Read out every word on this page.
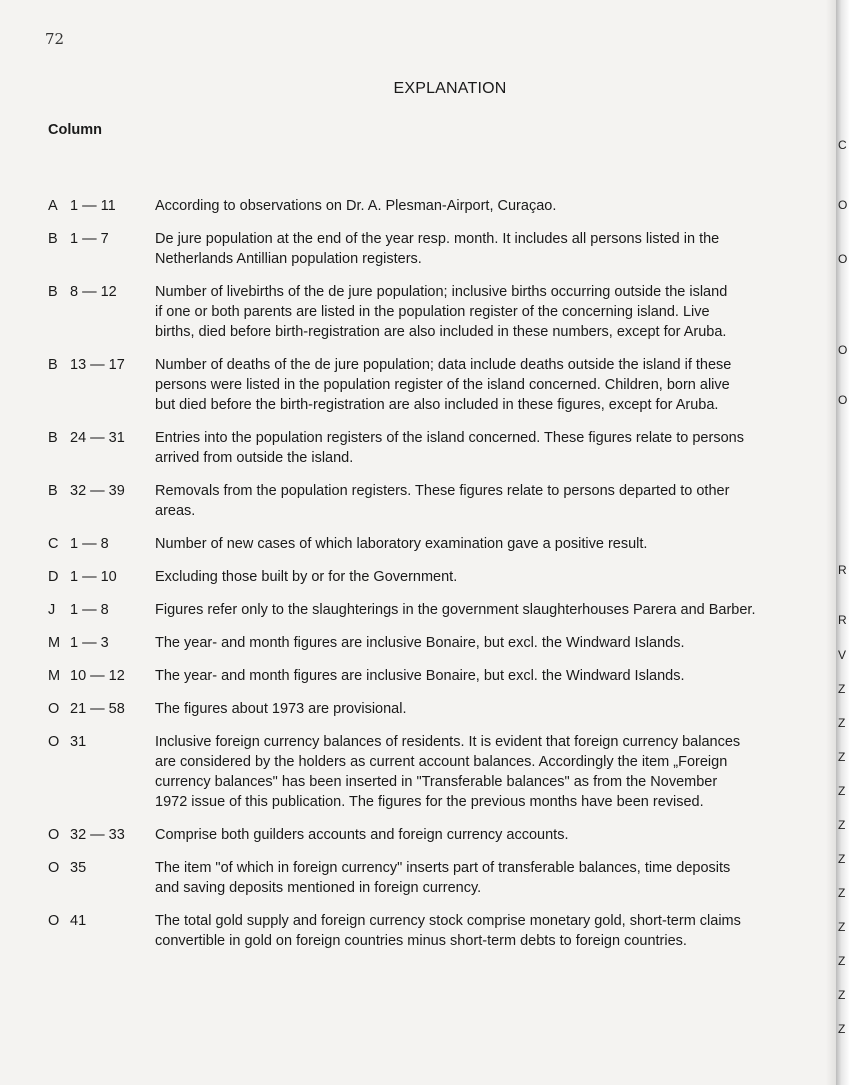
72
EXPLANATION
Column
A 1 — 11	According to observations on Dr. A. Plesman-Airport, Curaçao.
B 1 — 7	De jure population at the end of the year resp. month. It includes all persons listed in the
Netherlands Antillian population registers.
B 8 — 12	Number of livebirths of the de jure population; inclusive births occurring outside the island
if one or both parents are listed in the population register of the concerning island. Live
births, died before birth-registration are also included in these numbers, except for Aruba.
B 13 — 17	Number of deaths of the de jure population; data include deaths outside the island if these
persons were listed in the population register of the island concerned. Children, born alive
but died before the birth-registration are also included in these figures, except for Aruba.
B 24 — 31	Entries into the population registers of the island concerned. These figures relate to persons
arrived from outside the island.
B 32 — 39	Removals from the population registers. These figures relate to persons departed to other
areas.
C 1 — 8	Number of new cases of which laboratory examination gave a positive result.
D 1 — 10	Excluding those built by or for the Government.
J	1 — 8	Figures refer only to the slaughterings in the government slaughterhouses Parera and Barber.
M 1 — 3	The year- and month figures are inclusive Bonaire, but excl. the Windward Islands.
M 10 — 12	The year- and month figures are inclusive Bonaire, but excl. the Windward Islands.
O 21 — 58	The figures about 1973 are provisional.
O 31	Inclusive foreign currency balances of residents. It is evident that foreign currency balances
are considered by the holders as current account balances. Accordingly the item „Foreign
currency balances" has been inserted in "Transferable balances" as from the November
1972 issue of this publication. The figures for the previous months have been revised.
O 32 — 33	Comprise both guilders accounts and foreign currency accounts.
O 35	The item "of which in foreign currency" inserts part of transferable balances, time deposits
and saving deposits mentioned in foreign currency.
O 41	The total gold supply and foreign currency stock comprise monetary gold, short-term claims
convertible in gold on foreign countries minus short-term debts to foreign countries.
C
O
O
O
O
R
R
V
Z
Z
Z
Z
Z
Z
Z
Z
Z
Z
Z
